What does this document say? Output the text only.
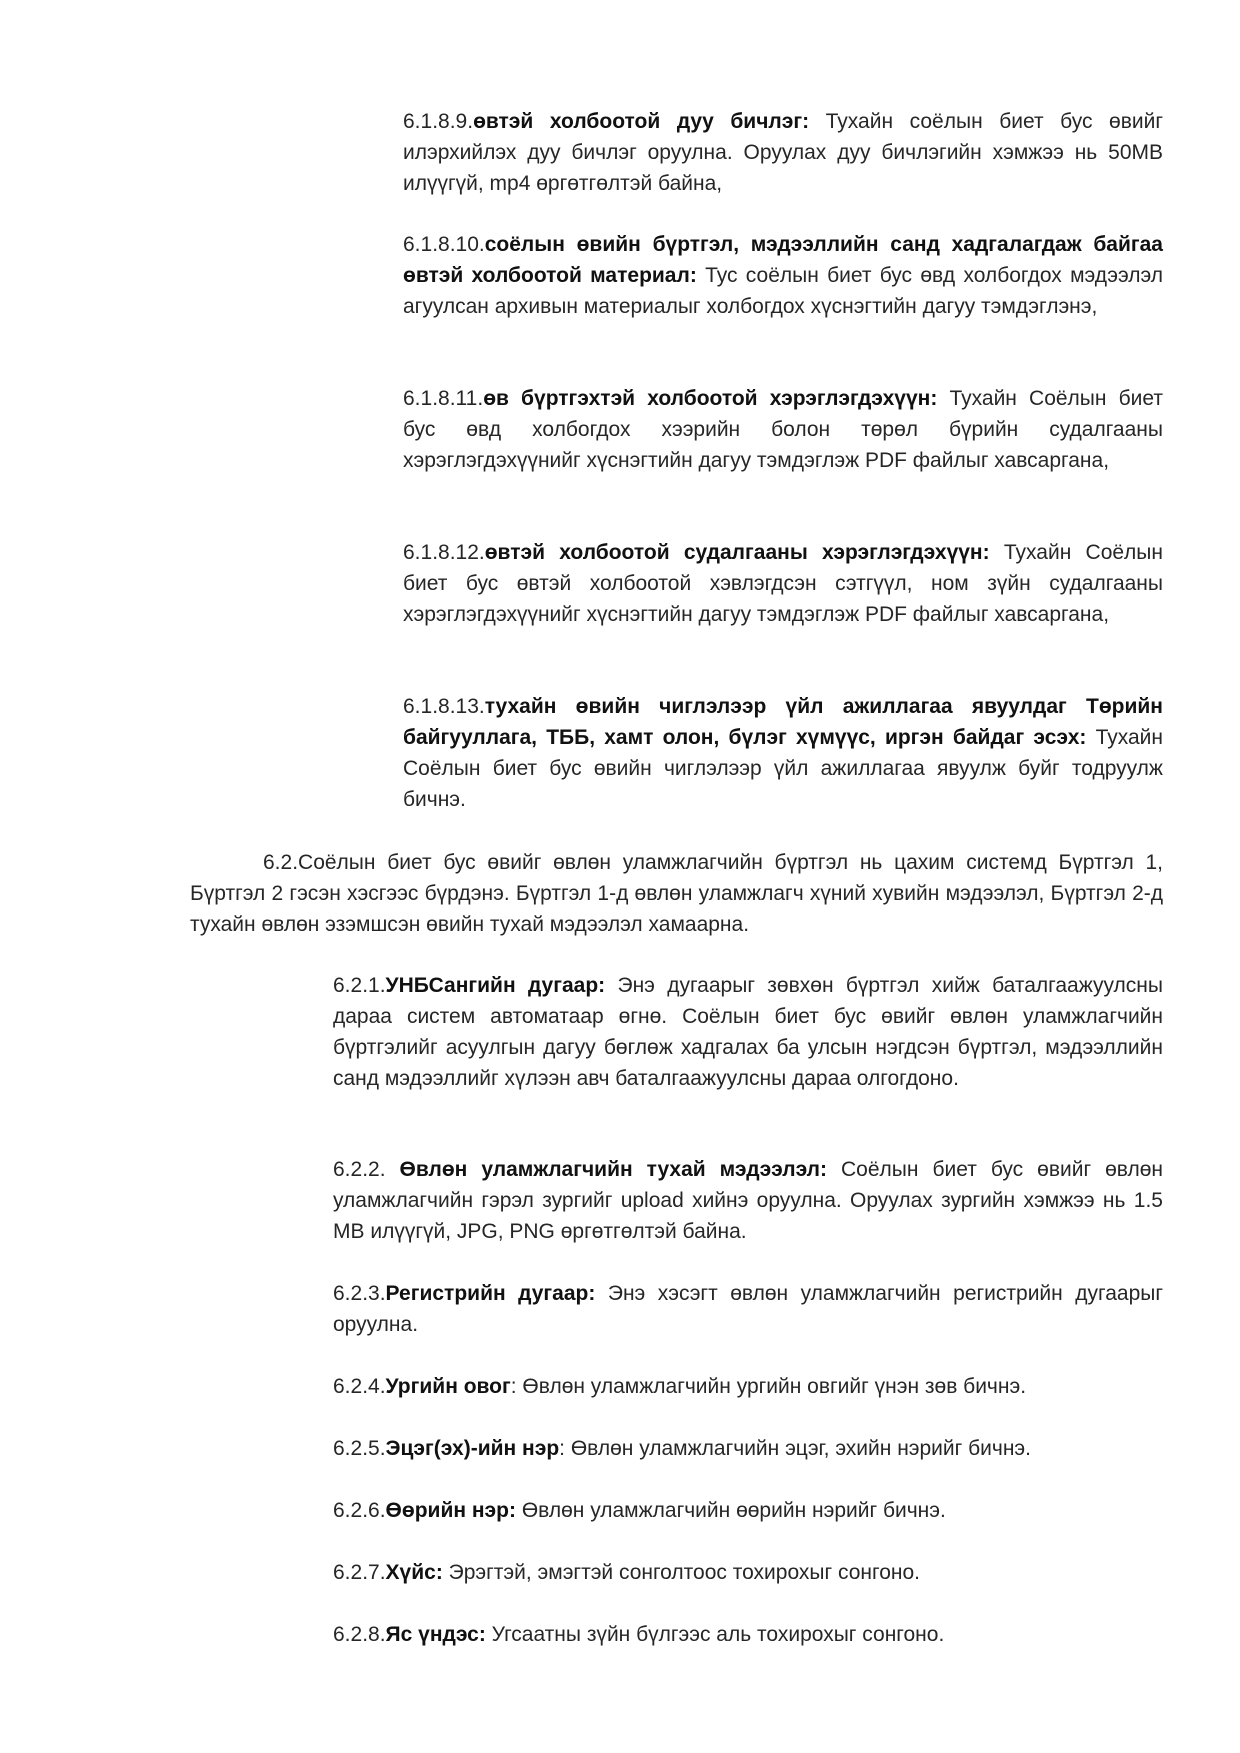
6.1.8.9.өвтэй холбоотой дуу бичлэг: Тухайн соёлын биет бус өвийг илэрхийлэх дуу бичлэг оруулна. Оруулах дуу бичлэгийн хэмжээ нь 50MB илүүгүй, mp4 өргөтгөлтэй байна,

6.1.8.10.соёлын өвийн бүртгэл, мэдээллийн санд хадгалагдаж байгаа өвтэй холбоотой материал: Тус соёлын биет бус өвд холбогдох мэдээлэл агуулсан архивын материалыг холбогдох хүснэгтийн дагуу тэмдэглэнэ,

6.1.8.11.өв бүртгэхтэй холбоотой хэрэглэгдэхүүн: Тухайн Соёлын биет бус өвд холбогдох хээрийн болон төрөл бүрийн судалгааны хэрэглэгдэхүүнийг хүснэгтийн дагуу тэмдэглэж PDF файлыг хавсаргана,

6.1.8.12.өвтэй холбоотой судалгааны хэрэглэгдэхүүн: Тухайн Соёлын биет бус өвтэй холбоотой хэвлэгдсэн сэтгүүл, ном зүйн судалгааны хэрэглэгдэхүүнийг хүснэгтийн дагуу тэмдэглэж PDF файлыг хавсаргана,

6.1.8.13.тухайн өвийн чиглэлээр үйл ажиллагаа явуулдаг Төрийн байгууллага, ТББ, хамт олон, бүлэг хүмүүс, иргэн байдаг эсэх: Тухайн Соёлын биет бус өвийн чиглэлээр үйл ажиллагаа явуулж буйг тодруулж бичнэ.

6.2.Соёлын биет бус өвийг өвлөн уламжлагчийн бүртгэл нь цахим системд Бүртгэл 1, Бүртгэл 2 гэсэн хэсгээс бүрдэнэ. Бүртгэл 1-д өвлөн уламжлагч хүний хувийн мэдээлэл, Бүртгэл 2-д тухайн өвлөн эзэмшсэн өвийн тухай мэдээлэл хамаарна.

6.2.1.УНБСангийн дугаар: Энэ дугаарыг зөвхөн бүртгэл хийж баталгаажуулсны дараа систем автоматаар өгнө. Соёлын биет бус өвийг өвлөн уламжлагчийн бүртгэлийг асуулгын дагуу бөглөж хадгалах ба улсын нэгдсэн бүртгэл, мэдээллийн санд мэдээллийг хүлээн авч баталгаажуулсны дараа олгогдоно.

6.2.2. Өвлөн уламжлагчийн тухай мэдээлэл: Соёлын биет бус өвийг өвлөн уламжлагчийн гэрэл зургийг upload хийнэ оруулна. Оруулах зургийн хэмжээ нь 1.5 MB илүүгүй, JPG, PNG өргөтгөлтэй байна.

6.2.3.Регистрийн дугаар: Энэ хэсэгт өвлөн уламжлагчийн регистрийн дугаарыг оруулна.

6.2.4.Ургийн овог: Өвлөн уламжлагчийн ургийн овгийг үнэн зөв бичнэ.

6.2.5.Эцэг(эх)-ийн нэр: Өвлөн уламжлагчийн эцэг, эхийн нэрийг бичнэ.

6.2.6.Өөрийн нэр: Өвлөн уламжлагчийн өөрийн нэрийг бичнэ.

6.2.7.Хүйс: Эрэгтэй, эмэгтэй сонголтоос тохирохыг сонгоно.

6.2.8.Яс үндэс: Угсаатны зүйн бүлгээс аль тохирохыг сонгоно.
